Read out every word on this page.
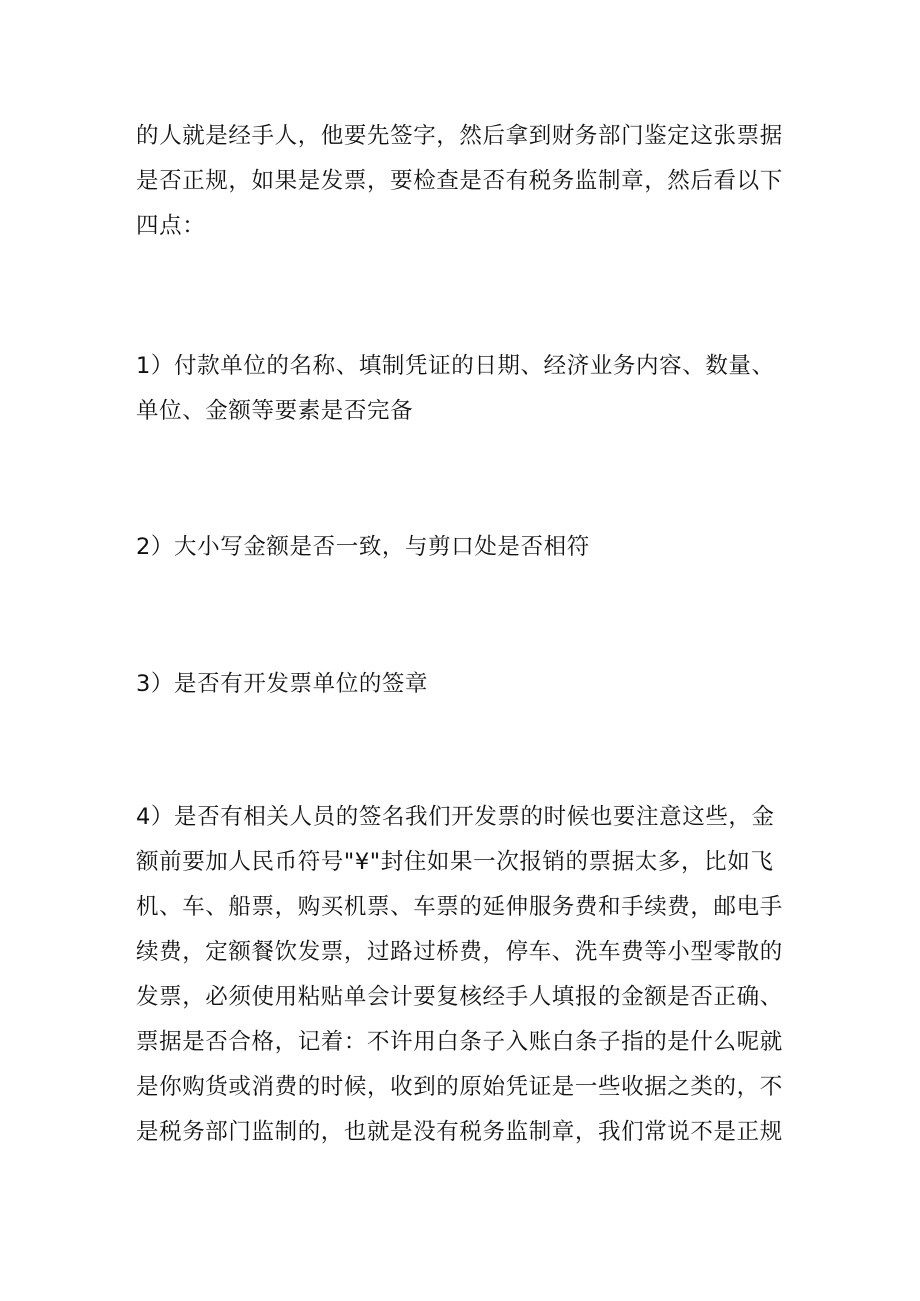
的人就是经手人，他要先签字，然后拿到财务部门鉴定这张票据
是否正规，如果是发票，要检查是否有税务监制章，然后看以下
四点：

1）付款单位的名称、填制凭证的日期、经济业务内容、数量、
单位、金额等要素是否完备

2）大小写金额是否一致，与剪口处是否相符

3）是否有开发票单位的签章

4）是否有相关人员的签名我们开发票的时候也要注意这些，金
额前要加人民币符号"¥"封住如果一次报销的票据太多，比如飞
机、车、船票，购买机票、车票的延伸服务费和手续费，邮电手
续费，定额餐饮发票，过路过桥费，停车、洗车费等小型零散的
发票，必须使用粘贴单会计要复核经手人填报的金额是否正确、
票据是否合格，记着：不许用白条子入账白条子指的是什么呢就
是你购货或消费的时候，收到的原始凭证是一些收据之类的，不
是税务部门监制的，也就是没有税务监制章，我们常说不是正规
